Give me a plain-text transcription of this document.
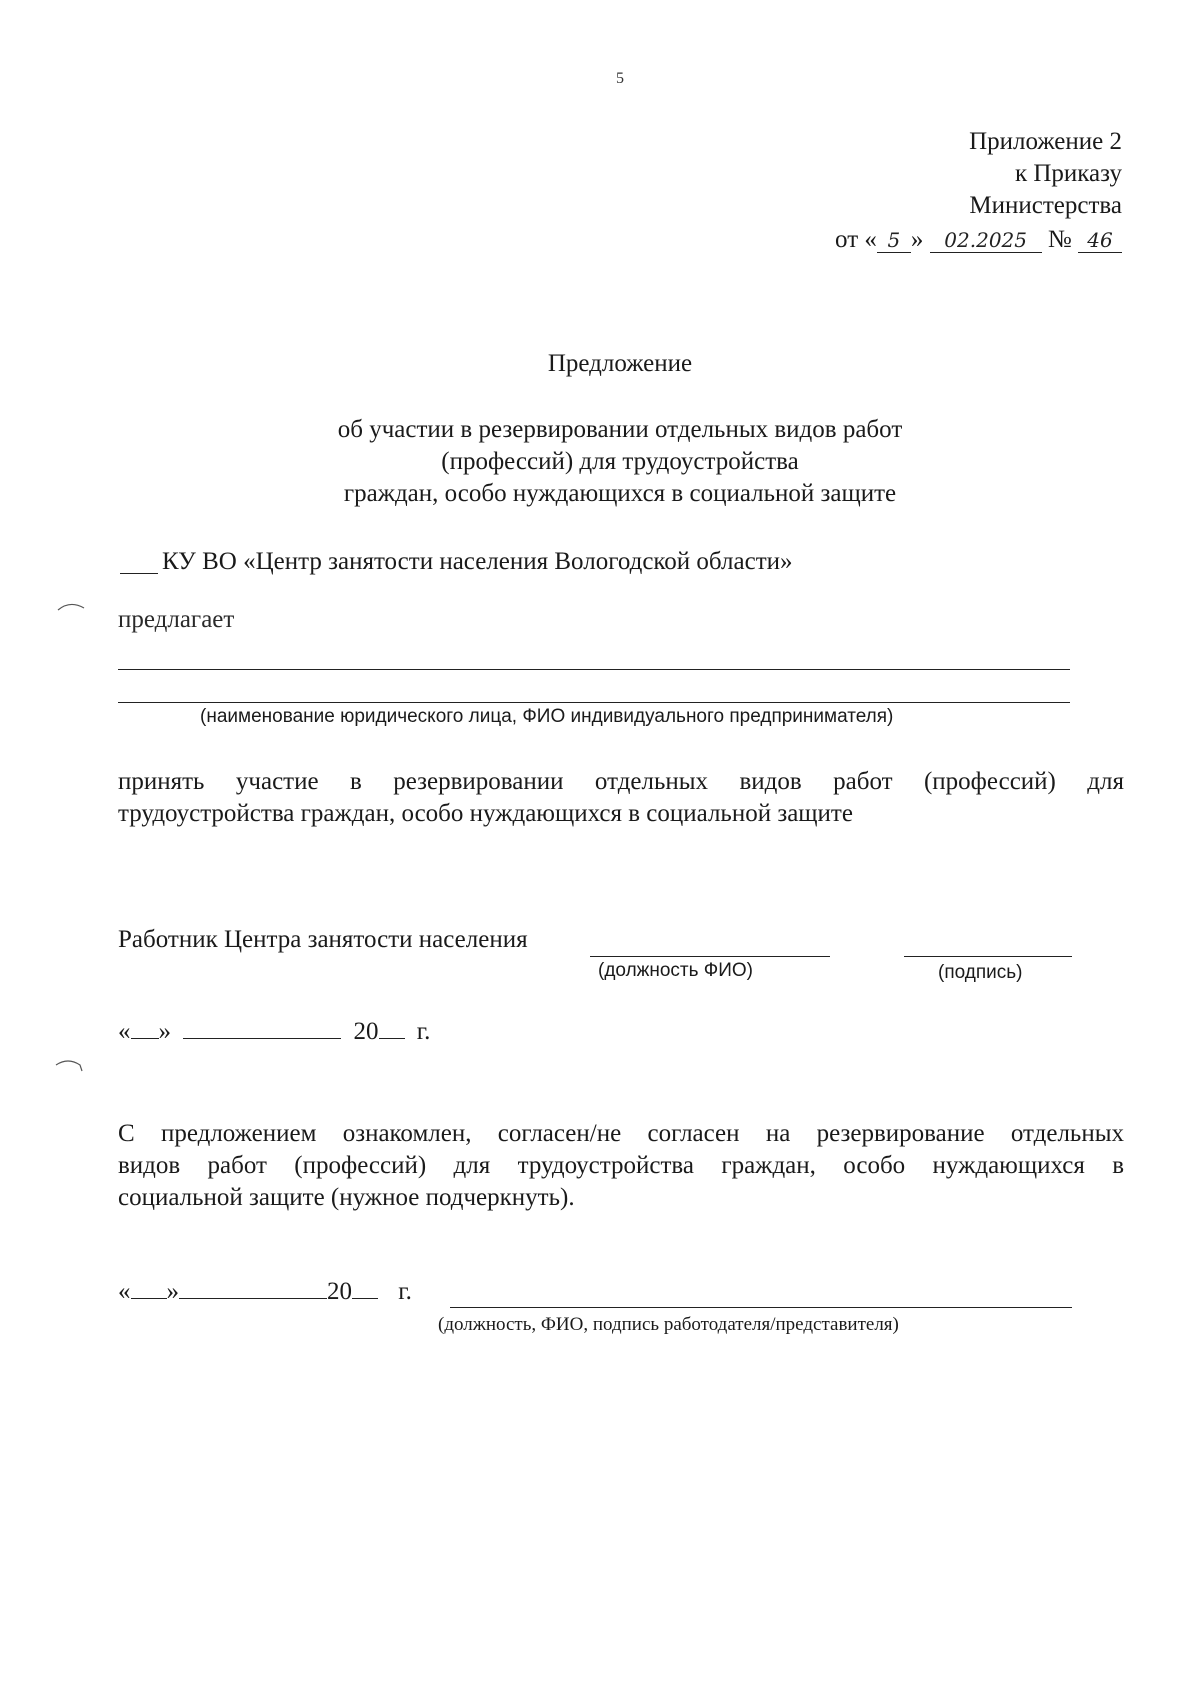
5
Приложение 2
к Приказу
Министерства
от « 5 » 02.2025 № 46
Предложение
об участии в резервировании отдельных видов работ
(профессий) для трудоустройства
граждан, особо нуждающихся в социальной защите
КУ ВО «Центр занятости населения Вологодской области»
предлагает
(наименование юридического лица, ФИО индивидуального предпринимателя)
принять участие в резервировании отдельных видов работ (профессий) для
трудоустройства граждан, особо нуждающихся в социальной защите
Работник Центра занятости населения
(должность ФИО)	(подпись)
« »	20 г.
С предложением ознакомлен, согласен/не согласен на резервирование отдельных
видов работ (профессий) для трудоустройства граждан, особо нуждающихся в
социальной защите (нужное подчеркнуть).
« »	20 г.
(должность, ФИО, подпись работодателя/представителя)
